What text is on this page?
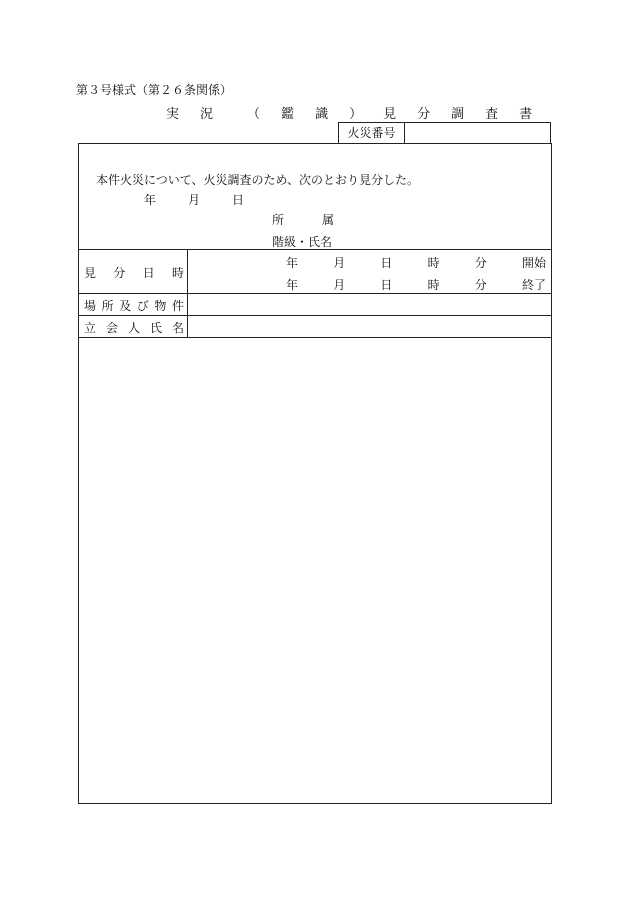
第３号様式（第２６条関係）
実 況	（ 鑑 識 ） 見 分 調 査 書
火災番号
本件火災について、火災調査のため、次のとおり見分した。
年	月	日
所	属
階級・氏名
見 分 日 時
年	月	日	時	分	開始
年	月	日	時	分	終了
場 所 及 び 物 件
立 会 人 氏 名
